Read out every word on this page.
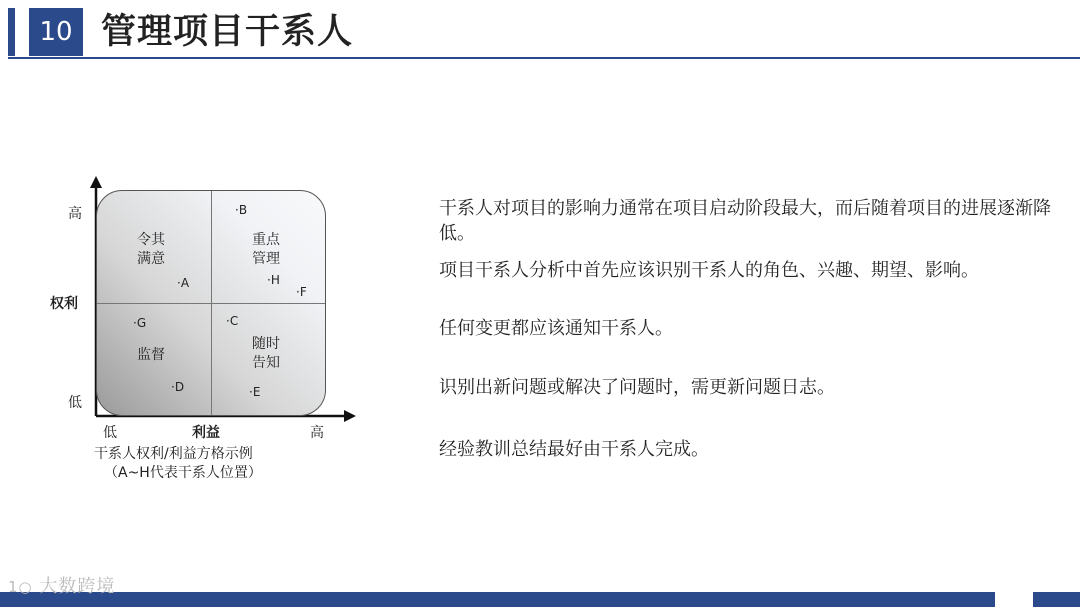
10 管理项目干系人
令其
满意
重点
管理
监督
随时
告知
·A
·B
·C
·D	·E
·F
·G
·H
高
权利
低
低	利益	高
干系人权利/利益方格示例
（A~H代表干系人位置）
干系人对项目的影响力通常在项目启动阶段最大，而后随着项目的进展逐渐降低。
项目干系人分析中首先应该识别干系人的角色、兴趣、期望、影响。
任何变更都应该通知干系人。
识别出新问题或解决了问题时，需更新问题日志。
经验教训总结最好由干系人完成。
1○ 大数跨境
